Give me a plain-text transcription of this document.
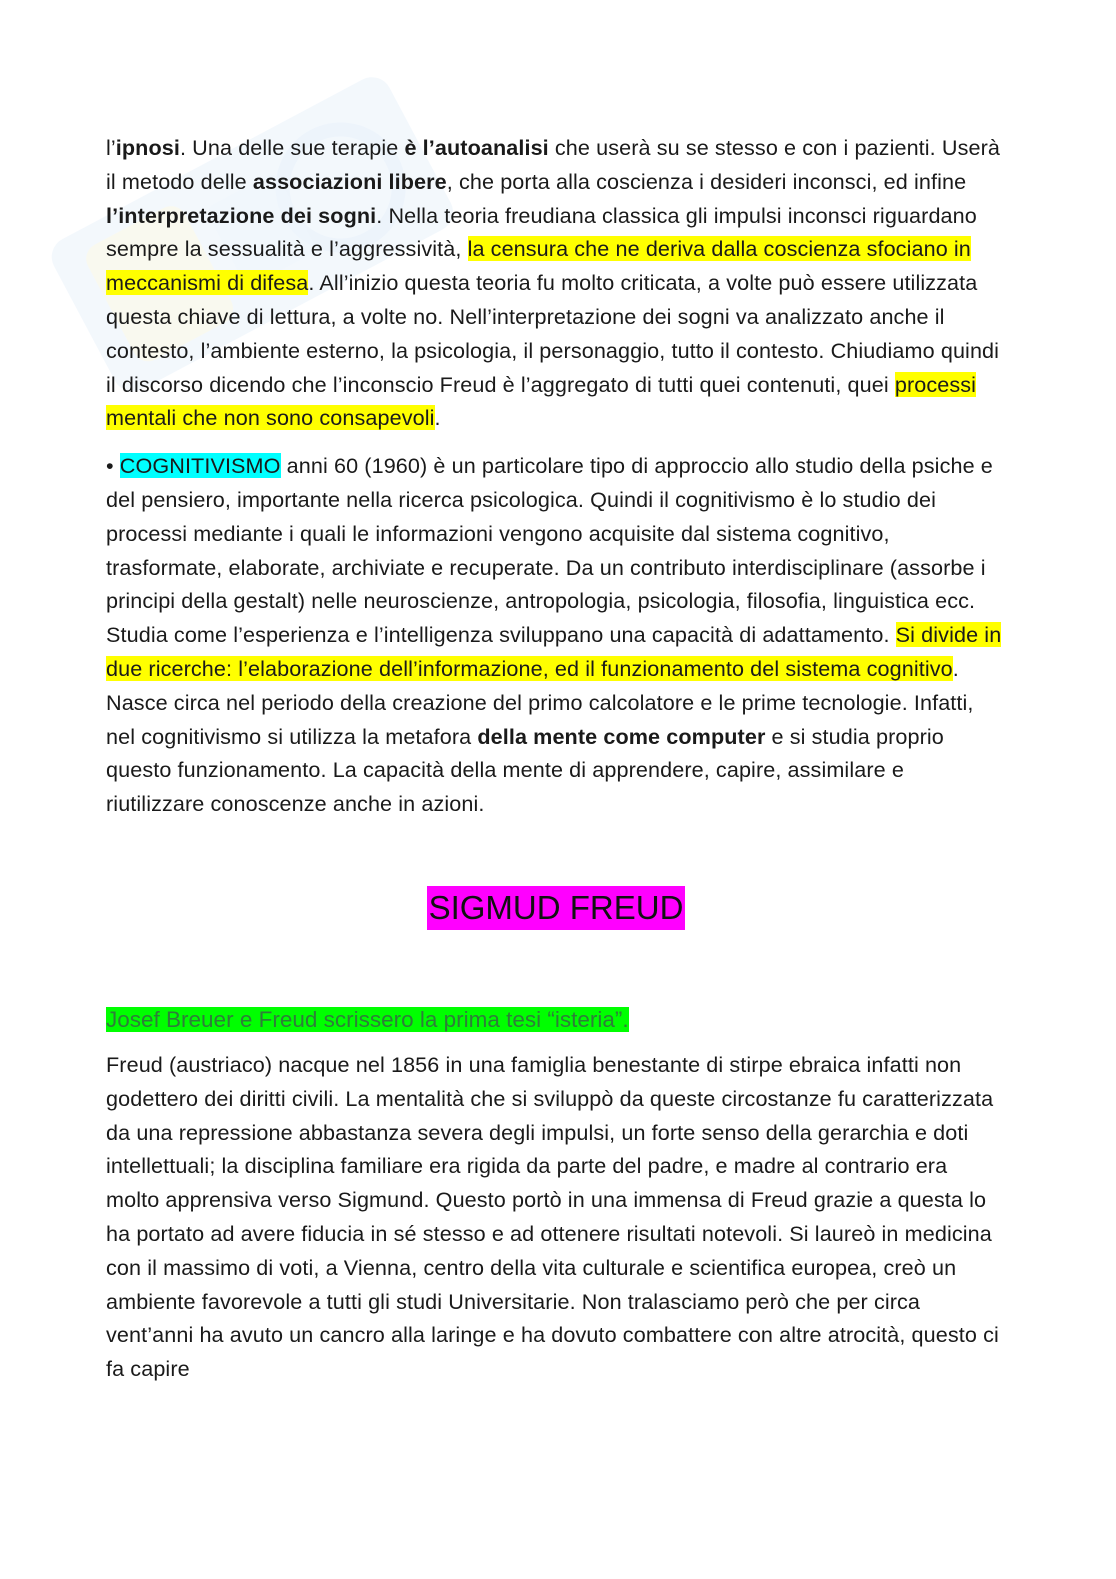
l’ipnosi. Una delle sue terapie è l’autoanalisi che userà su se stesso e con i pazienti. Userà il metodo delle associazioni libere, che porta alla coscienza i desideri inconsci, ed infine l’interpretazione dei sogni. Nella teoria freudiana classica gli impulsi inconsci riguardano sempre la sessualità e l’aggressività, la censura che ne deriva dalla coscienza sfociano in meccanismi di difesa. All’inizio questa teoria fu molto criticata, a volte può essere utilizzata questa chiave di lettura, a volte no. Nell’interpretazione dei sogni va analizzato anche il contesto, l’ambiente esterno, la psicologia, il personaggio, tutto il contesto. Chiudiamo quindi il discorso dicendo che l’inconscio Freud è l’aggregato di tutti quei contenuti, quei processi mentali che non sono consapevoli.

• COGNITIVISMO anni 60 (1960) è un particolare tipo di approccio allo studio della psiche e del pensiero, importante nella ricerca psicologica. Quindi il cognitivismo è lo studio dei processi mediante i quali le informazioni vengono acquisite dal sistema cognitivo, trasformate, elaborate, archiviate e recuperate. Da un contributo interdisciplinare (assorbe i principi della gestalt) nelle neuroscienze, antropologia, psicologia, filosofia, linguistica ecc. Studia come l’esperienza e l’intelligenza sviluppano una capacità di adattamento. Si divide in due ricerche: l’elaborazione dell’informazione, ed il funzionamento del sistema cognitivo. Nasce circa nel periodo della creazione del primo calcolatore e le prime tecnologie. Infatti, nel cognitivismo si utilizza la metafora della mente come computer e si studia proprio questo funzionamento. La capacità della mente di apprendere, capire, assimilare e riutilizzare conoscenze anche in azioni.

SIGMUD FREUD
Josef Breuer e Freud scrissero la prima tesi “isteria”.

Freud (austriaco) nacque nel 1856 in una famiglia benestante di stirpe ebraica infatti non godettero dei diritti civili. La mentalità che si sviluppò da queste circostanze fu caratterizzata da una repressione abbastanza severa degli impulsi, un forte senso della gerarchia e doti intellettuali; la disciplina familiare era rigida da parte del padre, e madre al contrario era molto apprensiva verso Sigmund. Questo portò in una immensa di Freud grazie a questa lo ha portato ad avere fiducia in sé stesso e ad ottenere risultati notevoli. Si laureò in medicina con il massimo di voti, a Vienna, centro della vita culturale e scientifica europea, creò un ambiente favorevole a tutti gli studi Universitarie. Non tralasciamo però che per circa vent’anni ha avuto un cancro alla laringe e ha dovuto combattere con altre atrocità, questo ci fa capire
